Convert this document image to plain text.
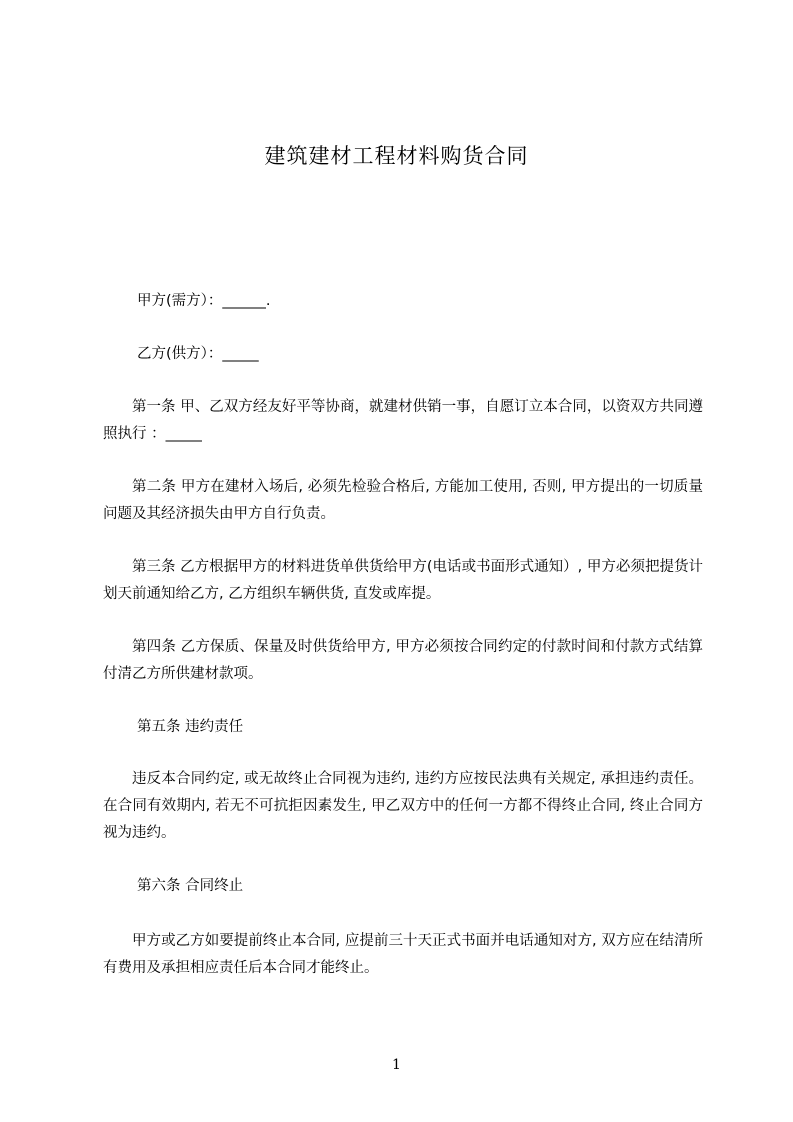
建筑建材工程材料购货合同
甲方(需方）：______.
乙方(供方）：_____

第一条 甲、乙双方经友好平等协商，就建材供销一事，自愿订立本合同，以资双方共同遵照执行 ：_____

第二条 甲方在建材入场后, 必须先检验合格后, 方能加工使用, 否则, 甲方提出的一切质量问题及其经济损失由甲方自行负责。

第三条 乙方根据甲方的材料进货单供货给甲方(电话或书面形式通知）, 甲方必须把提货计划天前通知给乙方, 乙方组织车辆供货, 直发或库提。

第四条 乙方保质、保量及时供货给甲方, 甲方必须按合同约定的付款时间和付款方式结算付清乙方所供建材款项。

第五条 违约责任

违反本合同约定, 或无故终止合同视为违约, 违约方应按民法典有关规定, 承担违约责任。在合同有效期内, 若无不可抗拒因素发生, 甲乙双方中的任何一方都不得终止合同, 终止合同方视为违约。

第六条 合同终止

甲方或乙方如要提前终止本合同, 应提前三十天正式书面并电话通知对方, 双方应在结清所有费用及承担相应责任后本合同才能终止。

1
